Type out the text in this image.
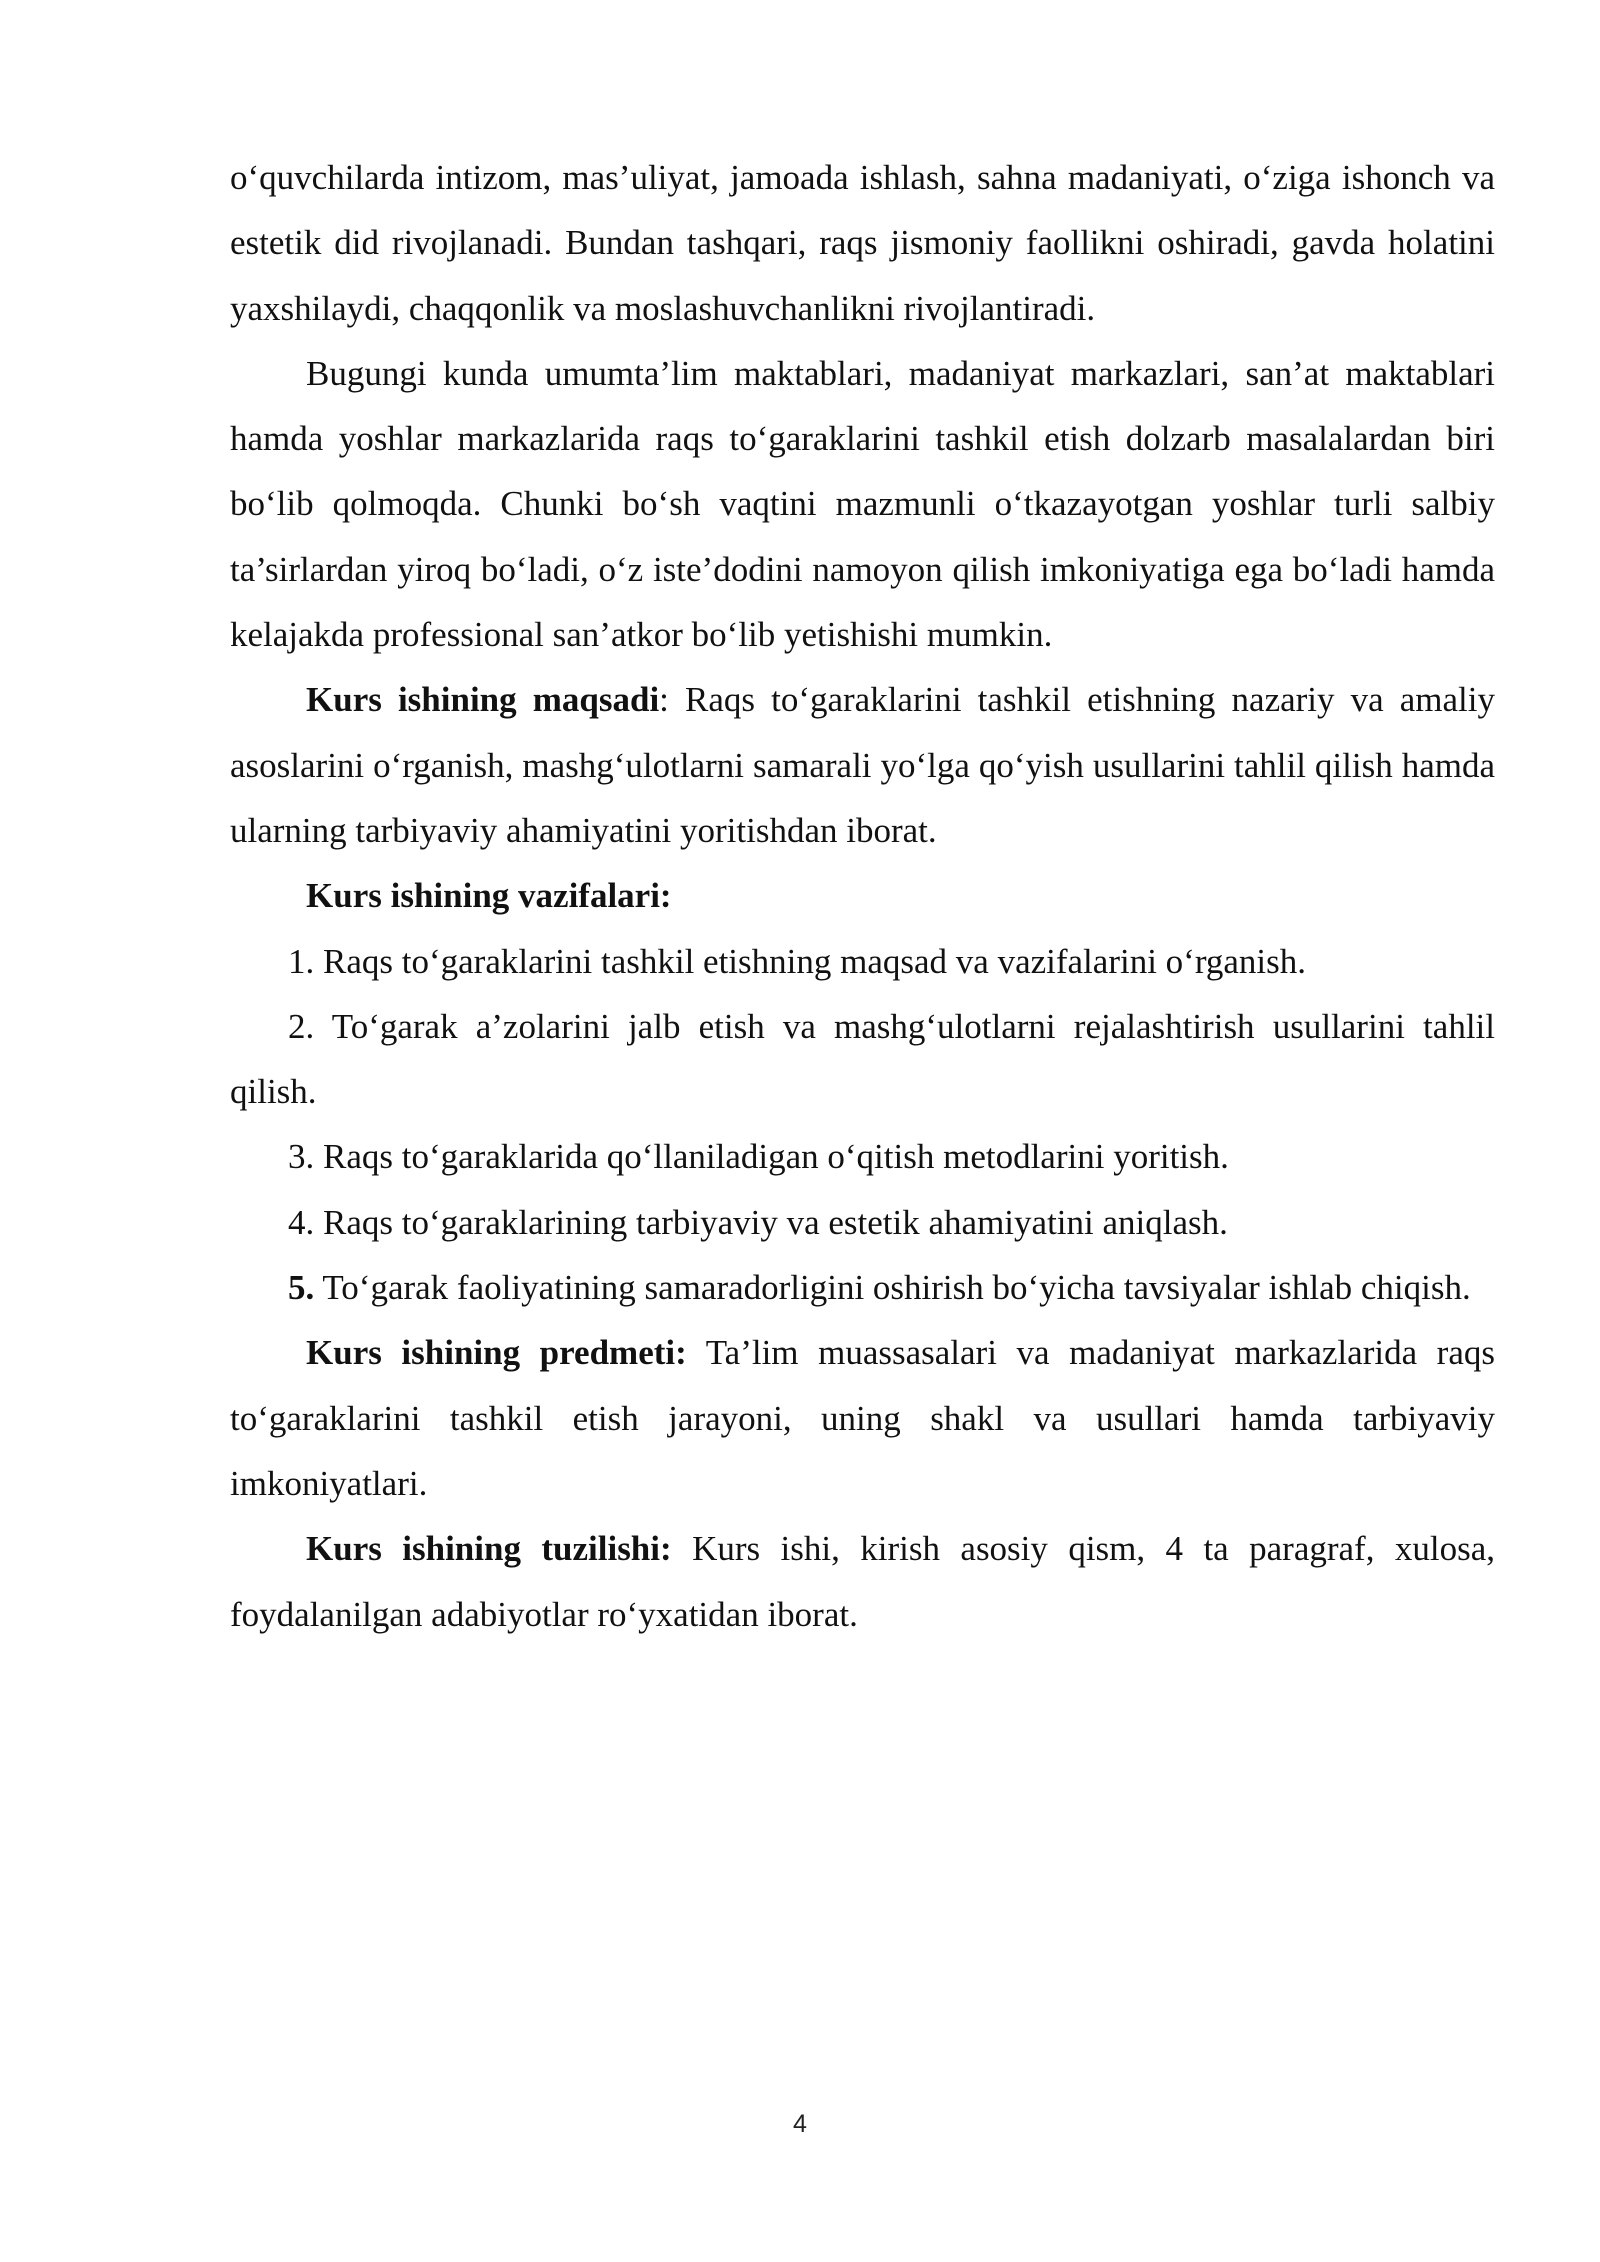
o‘quvchilarda intizom, mas’uliyat, jamoada ishlash, sahna madaniyati, o‘ziga ishonch va estetik did rivojlanadi. Bundan tashqari, raqs jismoniy faollikni oshiradi, gavda holatini yaxshilaydi, chaqqonlik va moslashuvchanlikni rivojlantiradi.

Bugungi kunda umumta’lim maktablari, madaniyat markazlari, san’at maktablari hamda yoshlar markazlarida raqs to‘garaklarini tashkil etish dolzarb masalalardan biri bo‘lib qolmoqda. Chunki bo‘sh vaqtini mazmunli o‘tkazayotgan yoshlar turli salbiy ta’sirlardan yiroq bo‘ladi, o‘z iste’dodini namoyon qilish imkoniyatiga ega bo‘ladi hamda kelajakda professional san’atkor bo‘lib yetishishi mumkin.

Kurs ishining maqsadi: Raqs to‘garaklarini tashkil etishning nazariy va amaliy asoslarini o‘rganish, mashg‘ulotlarni samarali yo‘lga qo‘yish usullarini tahlil qilish hamda ularning tarbiyaviy ahamiyatini yoritishdan iborat.

Kurs ishining vazifalari:

1. Raqs to‘garaklarini tashkil etishning maqsad va vazifalarini o‘rganish.

2. To‘garak a’zolarini jalb etish va mashg‘ulotlarni rejalashtirish usullarini tahlil qilish.

3. Raqs to‘garaklarida qo‘llaniladigan o‘qitish metodlarini yoritish.

4. Raqs to‘garaklarining tarbiyaviy va estetik ahamiyatini aniqlash.

5. To‘garak faoliyatining samaradorligini oshirish bo‘yicha tavsiyalar ishlab chiqish.

Kurs ishining predmeti: Ta’lim muassasalari va madaniyat markazlarida raqs to‘garaklarini tashkil etish jarayoni, uning shakl va usullari hamda tarbiyaviy imkoniyatlari.

Kurs ishining tuzilishi: Kurs ishi, kirish asosiy qism, 4 ta paragraf, xulosa, foydalanilgan adabiyotlar ro‘yxatidan iborat.

4
